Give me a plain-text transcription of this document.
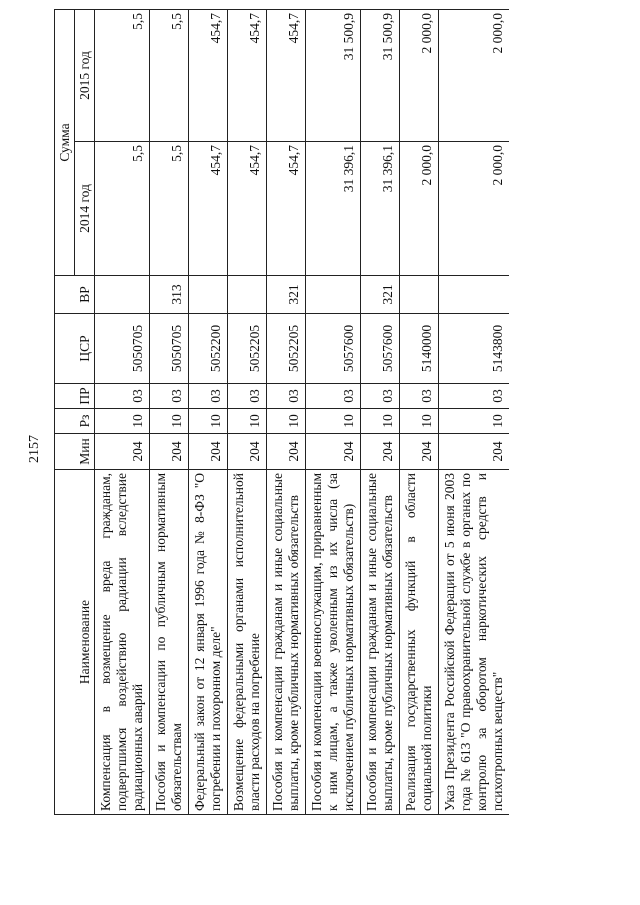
2157
Наименование	Мин	Рз	ПР	ЦСР	ВР	Сумма	
						2014 год	2015 год
Компенсация в возмещение вреда гражданам, подвергшимся воздействию радиации вследствие радиационных аварий	204	10	03	5050705		5,5	5,5
Пособия и компенсации по публичным нормативным обязательствам	204	10	03	5050705	313	5,5	5,5
Федеральный закон от 12 января 1996 года № 8-ФЗ "О погребении и похоронном деле"	204	10	03	5052200		454,7	454,7
Возмещение федеральными органами исполнительной власти расходов на погребение	204	10	03	5052205		454,7	454,7
Пособия и компенсации гражданам и иные социальные выплаты, кроме публичных нормативных обязательств	204	10	03	5052205	321	454,7	454,7
Пособия и компенсации военнослужащим, приравненным к ним лицам, а также уволенным из их числа (за исключением публичных нормативных обязательств)	204	10	03	5057600		31 396,1	31 500,9
Пособия и компенсации гражданам и иные социальные выплаты, кроме публичных нормативных обязательств	204	10	03	5057600	321	31 396,1	31 500,9
Реализация государственных функций в области социальной политики	204	10	03	5140000		2 000,0	2 000,0
Указ Президента Российской Федерации от 5 июня 2003 года № 613 "О правоохранительной службе в органах по контролю за оборотом наркотических средств и психотропных веществ"	204	10	03	5143800		2 000,0	2 000,0
